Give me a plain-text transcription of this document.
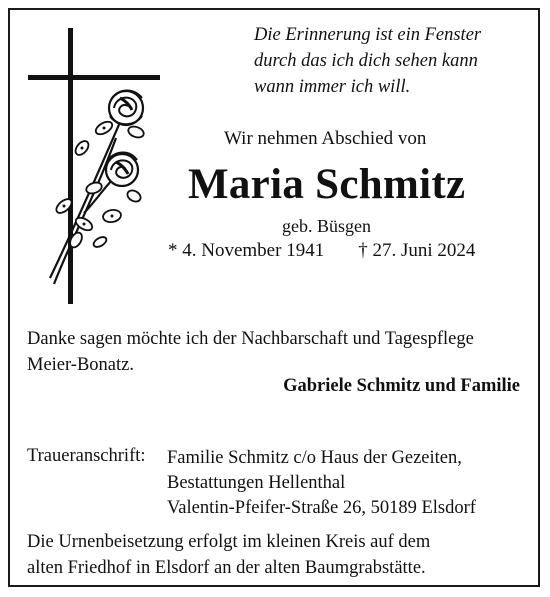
Die Erinnerung ist ein Fenster
durch das ich dich sehen kann
wann immer ich will.
Wir nehmen Abschied von
Maria Schmitz
geb. Büsgen
* 4. November 1941 † 27. Juni 2024
Danke sagen möchte ich der Nachbarschaft und Tagespflege
Meier-Bonatz.
Gabriele Schmitz und Familie
Traueranschrift: Familie Schmitz c/o Haus der Gezeiten,
Bestattungen Hellenthal
Valentin-Pfeifer-Straße 26, 50189 Elsdorf
Die Urnenbeisetzung erfolgt im kleinen Kreis auf dem
alten Friedhof in Elsdorf an der alten Baumgrabstätte.
